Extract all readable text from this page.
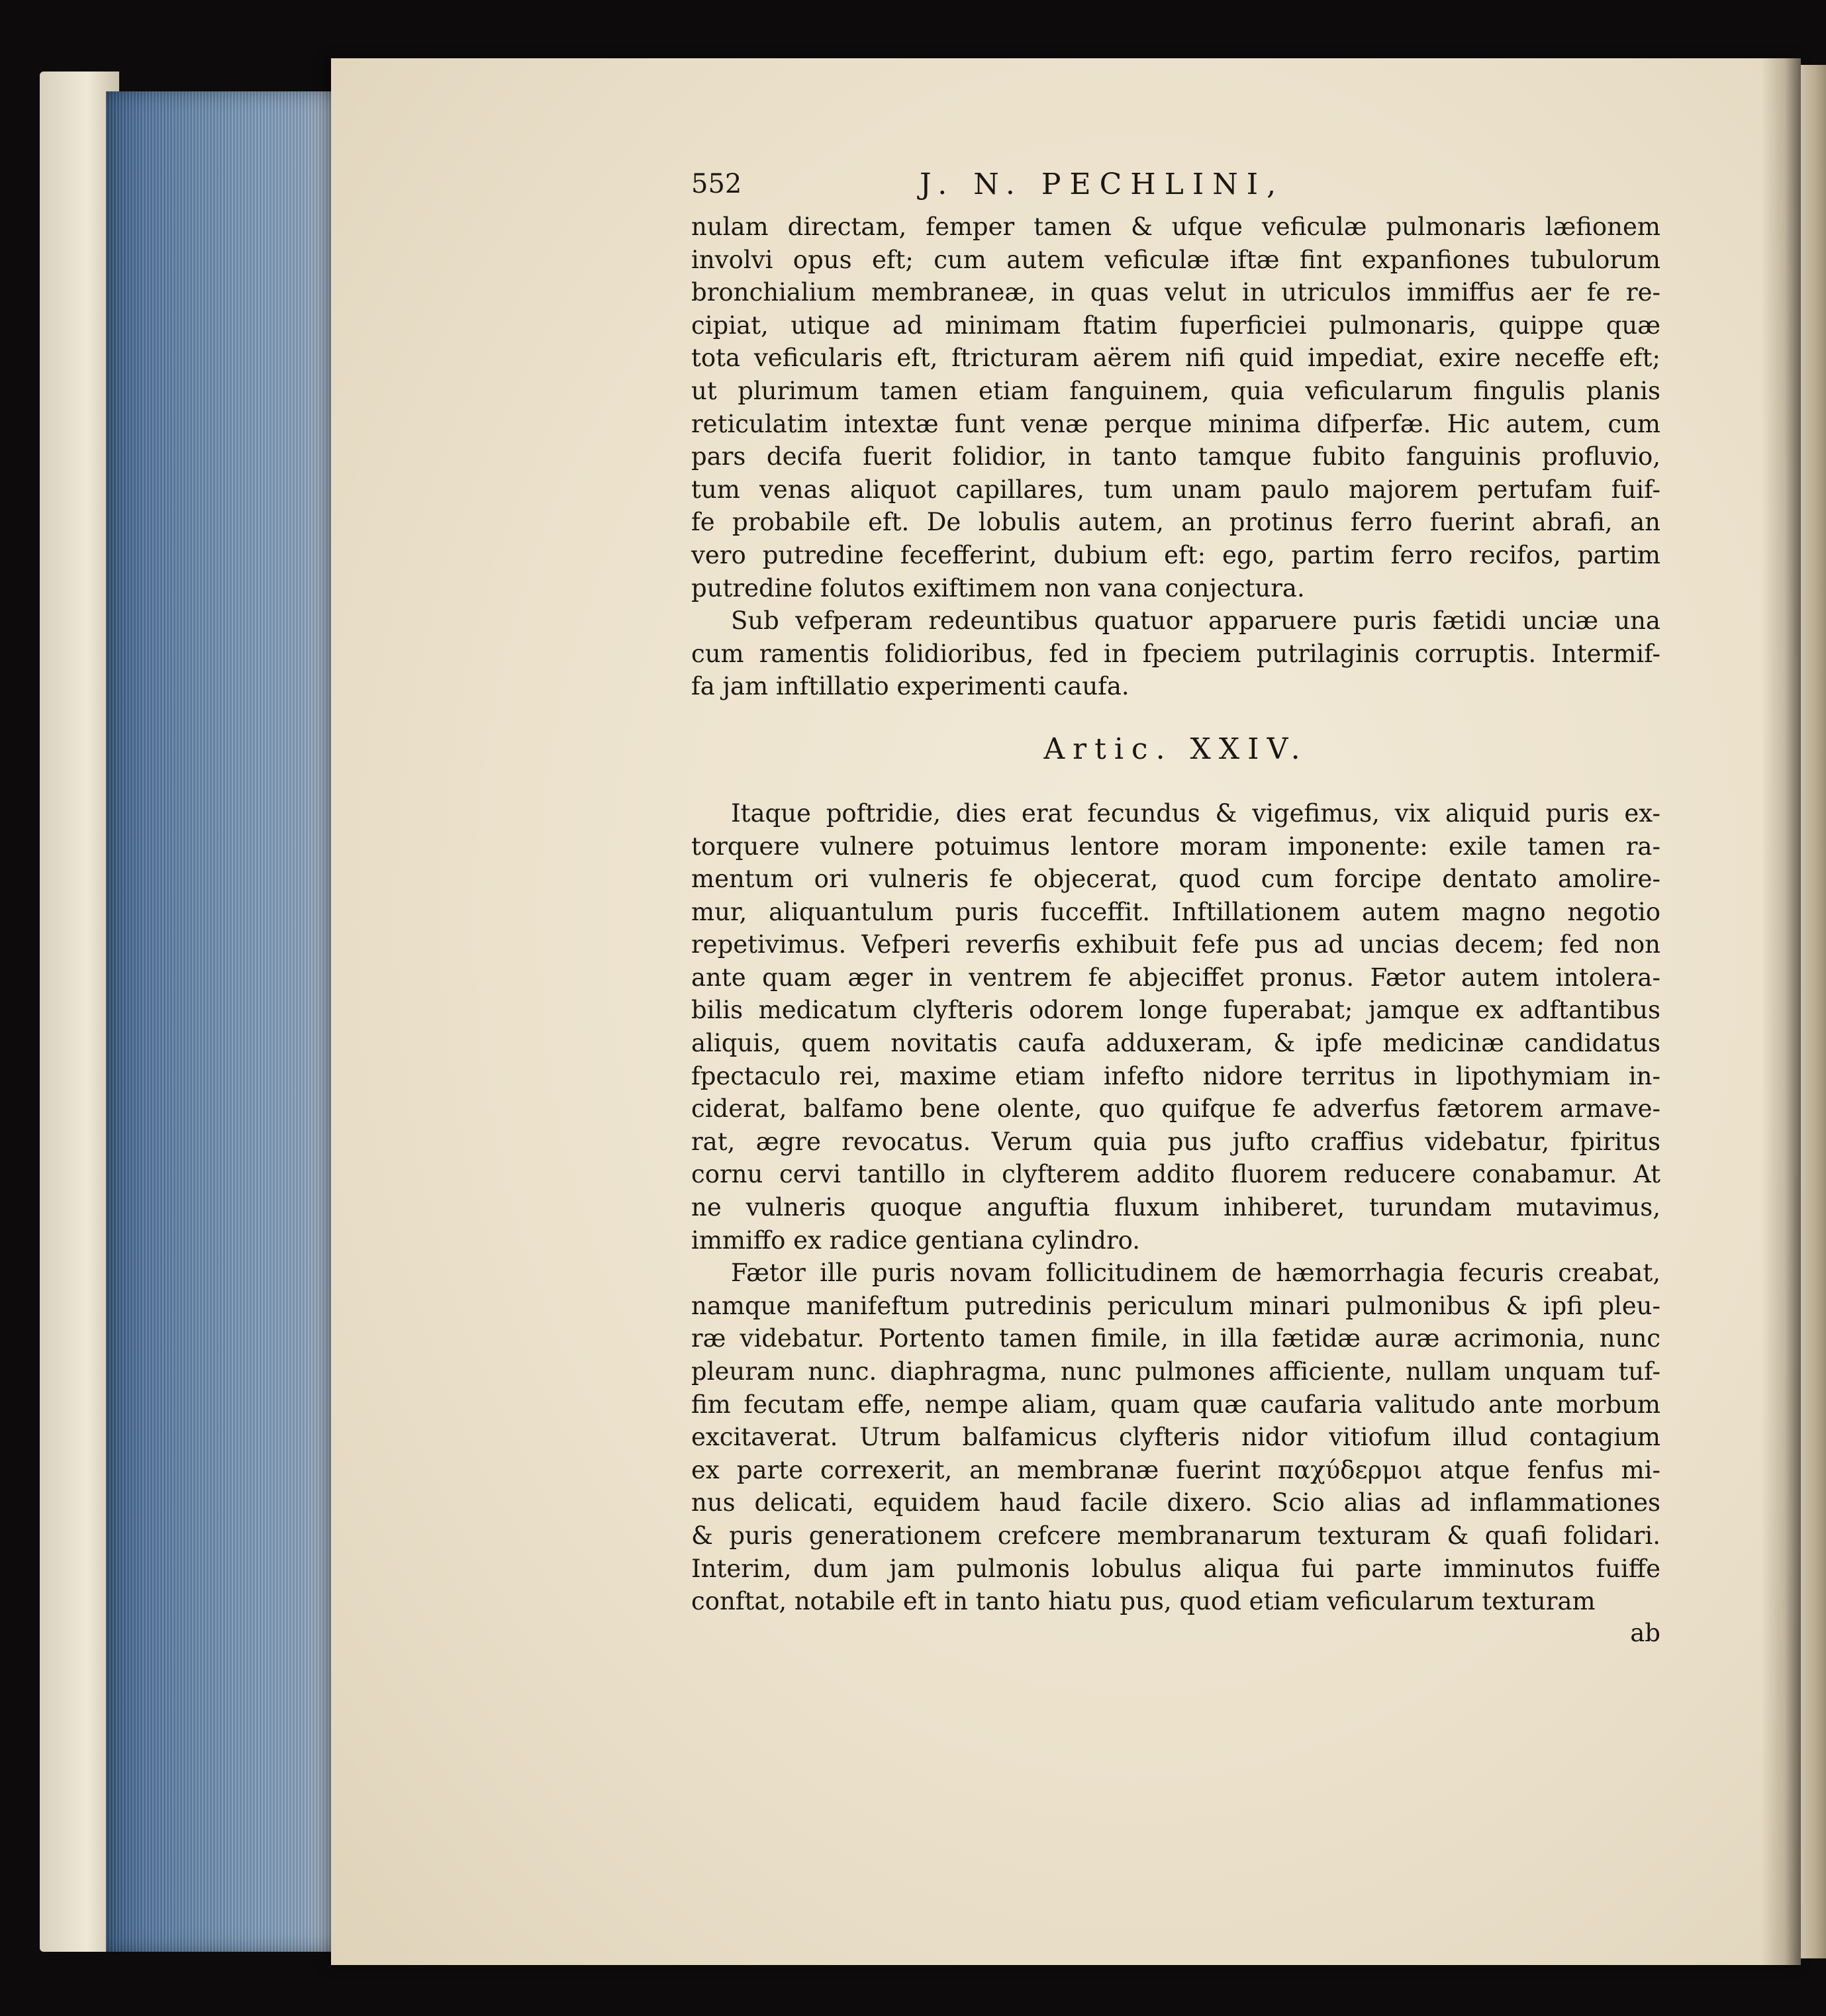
552	J. N. PECHLINI,

nulam directam, femper tamen & ufque veficulæ pulmonaris læfionem
involvi opus eft; cum autem veficulæ iftæ fint expanfiones tubulorum
bronchialium membraneæ, in quas velut in utriculos immiffus aer fe re-
cipiat, utique ad minimam ftatim fuperficiei pulmonaris, quippe quæ
tota veficularis eft, ftricturam aërem nifi quid impediat, exire neceffe eft;
ut plurimum tamen etiam fanguinem, quia veficularum fingulis planis
reticulatim intextæ funt venæ perque minima difperfæ. Hic autem, cum
pars decifa fuerit folidior, in tanto tamque fubito fanguinis profluvio,
tum venas aliquot capillares, tum unam paulo majorem pertufam fuif-
fe probabile eft. De lobulis autem, an protinus ferro fuerint abrafi, an
vero putredine fecefferint, dubium eft: ego, partim ferro recifos, partim
putredine folutos exiftimem non vana conjectura.

Sub vefperam redeuntibus quatuor apparuere puris fætidi unciæ una
cum ramentis folidioribus, fed in fpeciem putrilaginis corruptis. Intermif-
fa jam inftillatio experimenti caufa.

Artic. XXIV.

Itaque poftridie, dies erat fecundus & vigefimus, vix aliquid puris ex-
torquere vulnere potuimus lentore moram imponente: exile tamen ra-
mentum ori vulneris fe objecerat, quod cum forcipe dentato amolire-
mur, aliquantulum puris fucceffit. Inftillationem autem magno negotio
repetivimus. Vefperi reverfis exhibuit fefe pus ad uncias decem; fed non
ante quam æger in ventrem fe abjeciffet pronus. Fætor autem intolera-
bilis medicatum clyfteris odorem longe fuperabat; jamque ex adftantibus
aliquis, quem novitatis caufa adduxeram, & ipfe medicinæ candidatus
fpectaculo rei, maxime etiam infefto nidore territus in lipothymiam in-
ciderat, balfamo bene olente, quo quifque fe adverfus fætorem armave-
rat, ægre revocatus. Verum quia pus jufto craffius videbatur, fpiritus
cornu cervi tantillo in clyfterem addito fluorem reducere conabamur. At
ne vulneris quoque anguftia fluxum inhiberet, turundam mutavimus,
immiffo ex radice gentiana cylindro.

Fætor ille puris novam follicitudinem de hæmorrhagia fecuris creabat,
namque manifeftum putredinis periculum minari pulmonibus & ipfi pleu-
ræ videbatur. Portento tamen fimile, in illa fætidæ auræ acrimonia, nunc
pleuram nunc. diaphragma, nunc pulmones afficiente, nullam unquam tuf-
fim fecutam effe, nempe aliam, quam quæ caufaria valitudo ante morbum
excitaverat. Utrum balfamicus clyfteris nidor vitiofum illud contagium
ex parte correxerit, an membranæ fuerint παχύδερμοι atque fenfus mi-
nus delicati, equidem haud facile dixero. Scio alias ad inflammationes
& puris generationem crefcere membranarum texturam & quafi folidari.
Interim, dum jam pulmonis lobulus aliqua fui parte imminutos fuiffe
conftat, notabile eft in tanto hiatu pus, quod etiam veficularum texturam

ab
